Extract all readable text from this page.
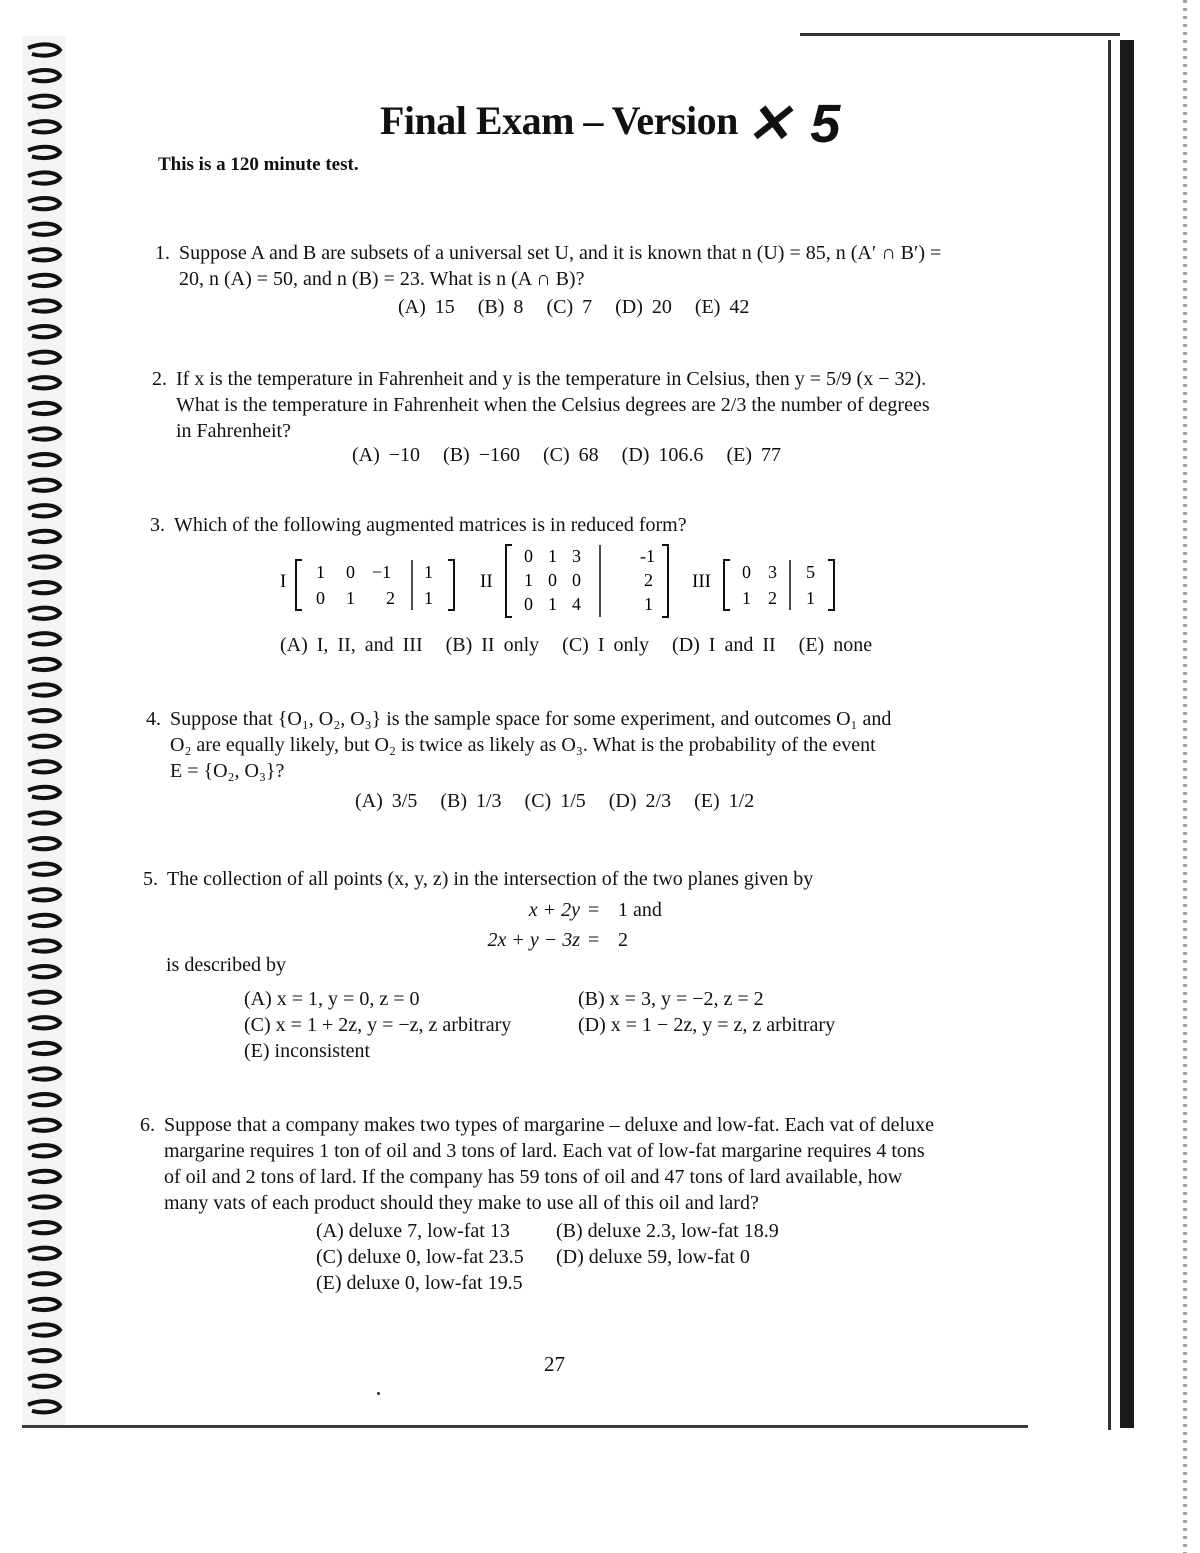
Final Exam – Version ✕ 5
This is a 120 minute test.
1. Suppose A and B are subsets of a universal set U, and it is known that n (U) = 85, n (A′ ∩ B′) =
20, n (A) = 50, and n (B) = 23. What is n (A ∩ B)?
(A) 15 (B) 8 (C) 7 (D) 20 (E) 42
2. If x is the temperature in Fahrenheit and y is the temperature in Celsius, then y = 5/9 (x − 32).
What is the temperature in Fahrenheit when the Celsius degrees are 2/3 the number of degrees
in Fahrenheit?
(A) −10 (B) −160 (C) 68 (D) 106.6 (E) 77
3. Which of the following augmented matrices is in reduced form?
I 1 0 −1 1
0 1 2 1
II
0 1 3	-1
1 0 0	2
0 1 4	1
III 0 3 5
1 2 1
(A) I, II, and III (B) II only (C) I only (D) I and II (E) none
4. Suppose that {O₁, O₂, O₃} is the sample space for some experiment, and outcomes O₁ and
O₂ are equally likely, but O₂ is twice as likely as O₃. What is the probability of the event
E = {O₂, O₃}?
(A) 3/5 (B) 1/3 (C) 1/5 (D) 2/3 (E) 1/2
5. The collection of all points (x, y, z) in the intersection of the two planes given by
x + 2y = 1 and
2x + y − 3z = 2
is described by
(A) x = 1, y = 0, z = 0	(B) x = 3, y = −2, z = 2
(C) x = 1 + 2z, y = −z, z arbitrary	(D) x = 1 − 2z, y = z, z arbitrary
(E) inconsistent
6. Suppose that a company makes two types of margarine – deluxe and low-fat. Each vat of deluxe
margarine requires 1 ton of oil and 3 tons of lard. Each vat of low-fat margarine requires 4 tons
of oil and 2 tons of lard. If the company has 59 tons of oil and 47 tons of lard available, how
many vats of each product should they make to use all of this oil and lard?
(A) deluxe 7, low-fat 13 (B) deluxe 2.3, low-fat 18.9
(C) deluxe 0, low-fat 23.5 (D) deluxe 59, low-fat 0
(E) deluxe 0, low-fat 19.5
27
